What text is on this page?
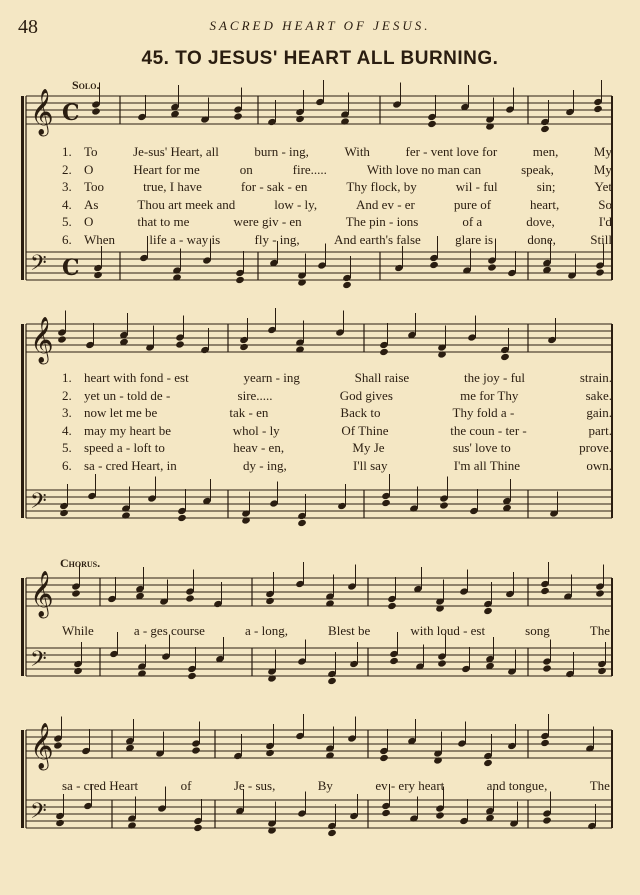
48	SACRED HEART OF JESUS.
45. TO JESUS' HEART ALL BURNING.
Solo.
Chorus.
𝄞
𝄢
𝄞
𝄢
𝄞
𝄢
𝄞
𝄢
C
C
1. To	Je-sus' Heart, all	burn - ing,	With	fer - vent love for	men,	My
2. O	Heart for me	on	fire.....	With love no man can	speak,	My
3. Too	true, I have	for - sak - en	Thy flock, by	wil - ful	sin;	Yet
4. As	Thou art meek and	low - ly,	And ev - er	pure of	heart,	So
5. O	that to me	were giv - en	The pin - ions	of a	dove,	I'd
6. When	life a - way is	fly - ing,	And earth's false	glare is	done,	Still
1. heart with fond - est	yearn - ing	Shall raise	the joy - ful	strain.
2. yet un - told de -	sire.....	God gives	me for Thy	sake.
3. now let me be	tak - en	Back to	Thy fold a -	gain.
4. may my heart be	whol - ly	Of Thine	the coun - ter -	part.
5. speed a - loft to	heav - en,	My Je	sus' love to	prove.
6. sa - cred Heart, in	dy - ing,	I'll say	I'm all Thine	own.
While	a - ges course	a - long,	Blest be	with loud - est	song	The
sa - cred Heart	of	Je - sus,	By	ev - ery heart	and tongue,	The
